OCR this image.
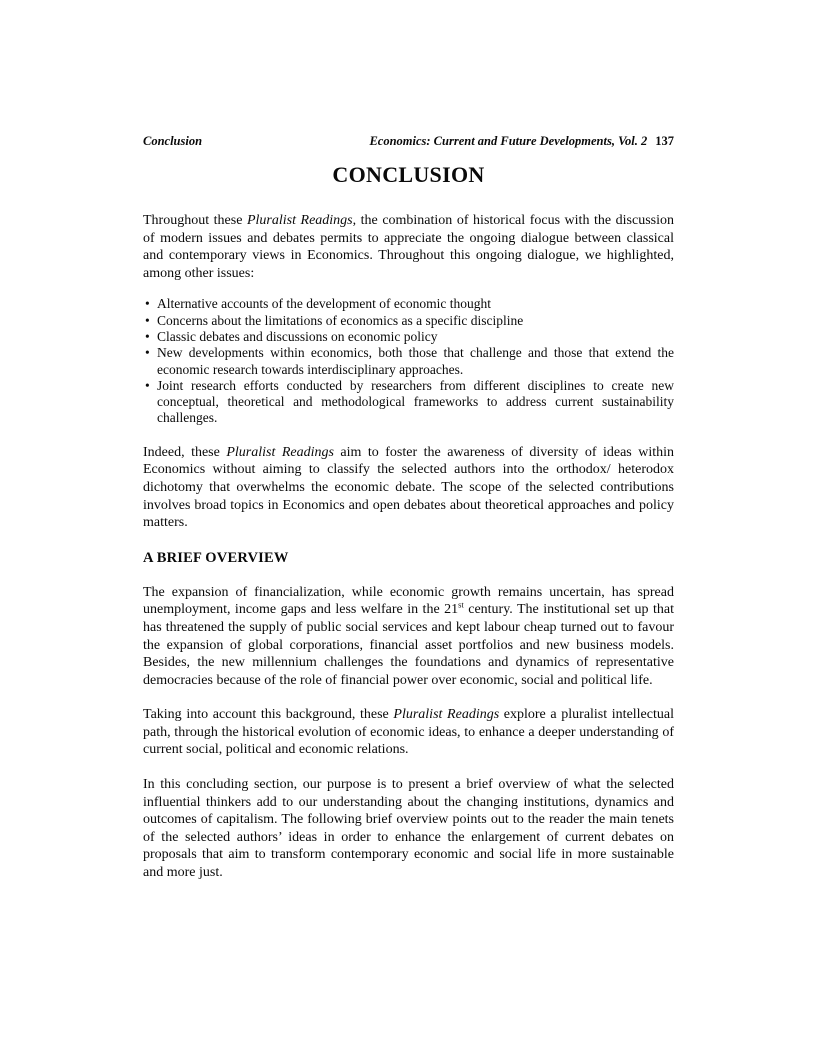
Conclusion	Economics: Current and Future Developments, Vol. 2 137
CONCLUSION

Throughout these Pluralist Readings, the combination of historical focus with the discussion of modern issues and debates permits to appreciate the ongoing dialogue between classical and contemporary views in Economics. Throughout this ongoing dialogue, we highlighted, among other issues:

• Alternative accounts of the development of economic thought
• Concerns about the limitations of economics as a specific discipline
• Classic debates and discussions on economic policy
• New developments within economics, both those that challenge and those that extend the economic research towards interdisciplinary approaches.
• Joint research efforts conducted by researchers from different disciplines to create new conceptual, theoretical and methodological frameworks to address current sustainability challenges.

Indeed, these Pluralist Readings aim to foster the awareness of diversity of ideas within Economics without aiming to classify the selected authors into the orthodox/ heterodox dichotomy that overwhelms the economic debate. The scope of the selected contributions involves broad topics in Economics and open debates about theoretical approaches and policy matters.

A BRIEF OVERVIEW

The expansion of financialization, while economic growth remains uncertain, has spread unemployment, income gaps and less welfare in the 21st century. The institutional set up that has threatened the supply of public social services and kept labour cheap turned out to favour the expansion of global corporations, financial asset portfolios and new business models. Besides, the new millennium challenges the foundations and dynamics of representative democracies because of the role of financial power over economic, social and political life.

Taking into account this background, these Pluralist Readings explore a pluralist intellectual path, through the historical evolution of economic ideas, to enhance a deeper understanding of current social, political and economic relations.

In this concluding section, our purpose is to present a brief overview of what the selected influential thinkers add to our understanding about the changing institutions, dynamics and outcomes of capitalism. The following brief overview points out to the reader the main tenets of the selected authors’ ideas in order to enhance the enlargement of current debates on proposals that aim to transform contemporary economic and social life in more sustainable and more just.
